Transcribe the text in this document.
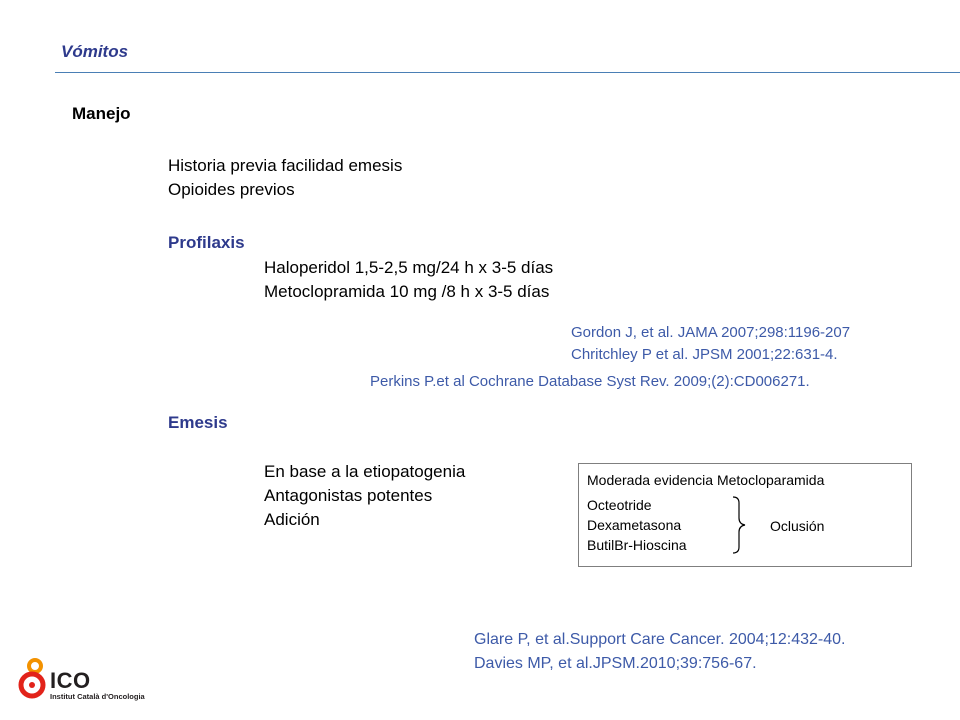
Vómitos
Manejo
Historia previa facilidad emesis
Opioides previos
Profilaxis
Haloperidol 1,5-2,5 mg/24 h x 3-5 días
Metoclopramida 10 mg /8 h x 3-5 días
Gordon J, et al. JAMA 2007;298:1196-207
Chritchley P et al. JPSM 2001;22:631-4.
Perkins P.et al Cochrane Database Syst Rev. 2009;(2):CD006271.
Emesis
En base a la etiopatogenia
Antagonistas potentes
Adición
Moderada evidencia Metocloparamida
Octeotride
Dexametasona
ButilBr-Hioscina
Oclusión
Glare P, et al.Support Care Cancer. 2004;12:432-40.
Davies MP, et al.JPSM.2010;39:756-67.
ICO
Institut Català d'Oncologia
